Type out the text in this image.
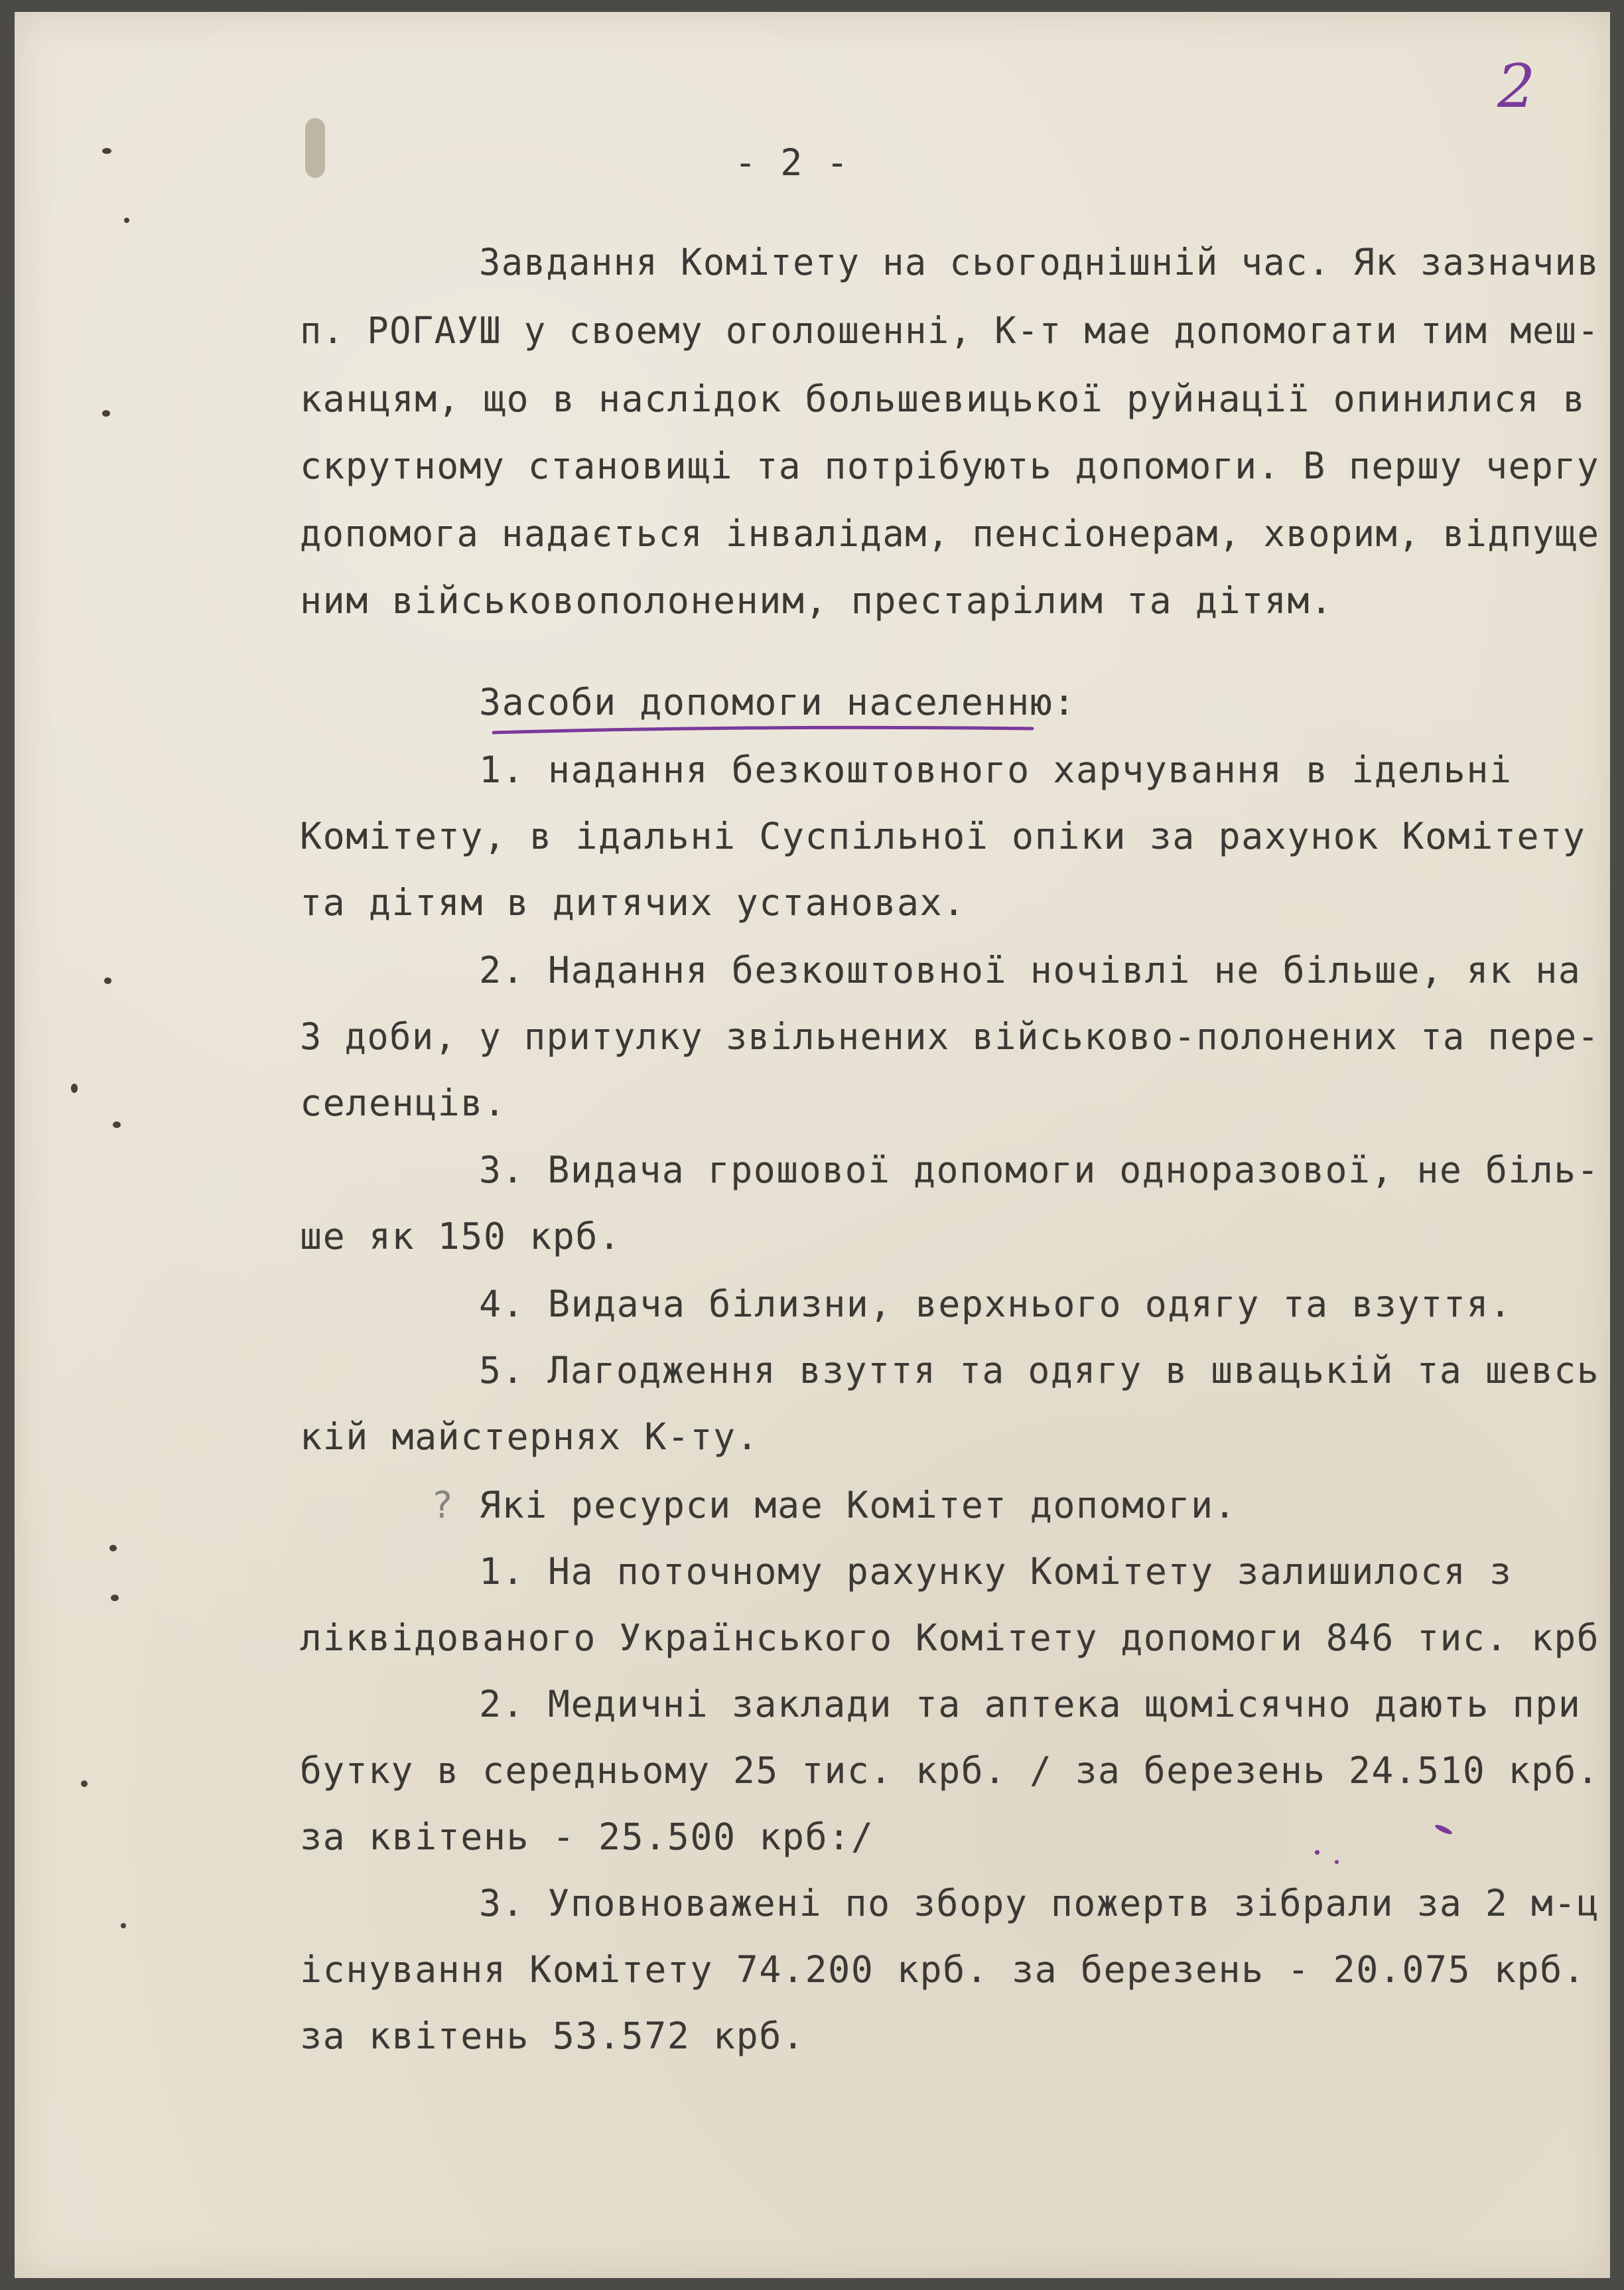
2
- 2 -
Завдання Комітету на сьогоднішній час. Як зазначив
п. РОГАУШ у своему оголошенні, К-т мае допомогати тим меш-
канцям, що в наслідок большевицької руйнації опинилися в
скрутному становищі та потрібують допомоги. В першу чергу
допомога надається інвалідам, пенсіонерам, хворим, відпуще
ним військовополоненим, престарілим та дітям.
Засоби допомоги населенню:
1. надання безкоштовного харчування в ідельні
Комітету, в ідальні Суспільної опіки за рахунок Комітету
та дітям в дитячих установах.
2. Надання безкоштовної ночівлі не більше, як на
3 доби, у притулку звільнених військово-полонених та пере-
селенців.
3. Видача грошової допомоги одноразової, не біль-
ше як 150 крб.
4. Видача білизни, верхнього одягу та взуття.
5. Лагодження взуття та одягу в швацькій та шевсь
кій майстернях К-ту.
? Які ресурси мае Комітет допомоги.
1. На поточному рахунку Комітету залишилося з
ліквідованого Українського Комітету допомоги 846 тис. крб
2. Медичні заклади та аптека щомісячно дають при
бутку в середньому 25 тис. крб. / за березень 24.510 крб.
за квітень - 25.500 крб:/
3. Уповноважені по збору пожертв зібрали за 2 м-ц
існування Комітету 74.200 крб. за березень - 20.075 крб.
за квітень 53.572 крб.
